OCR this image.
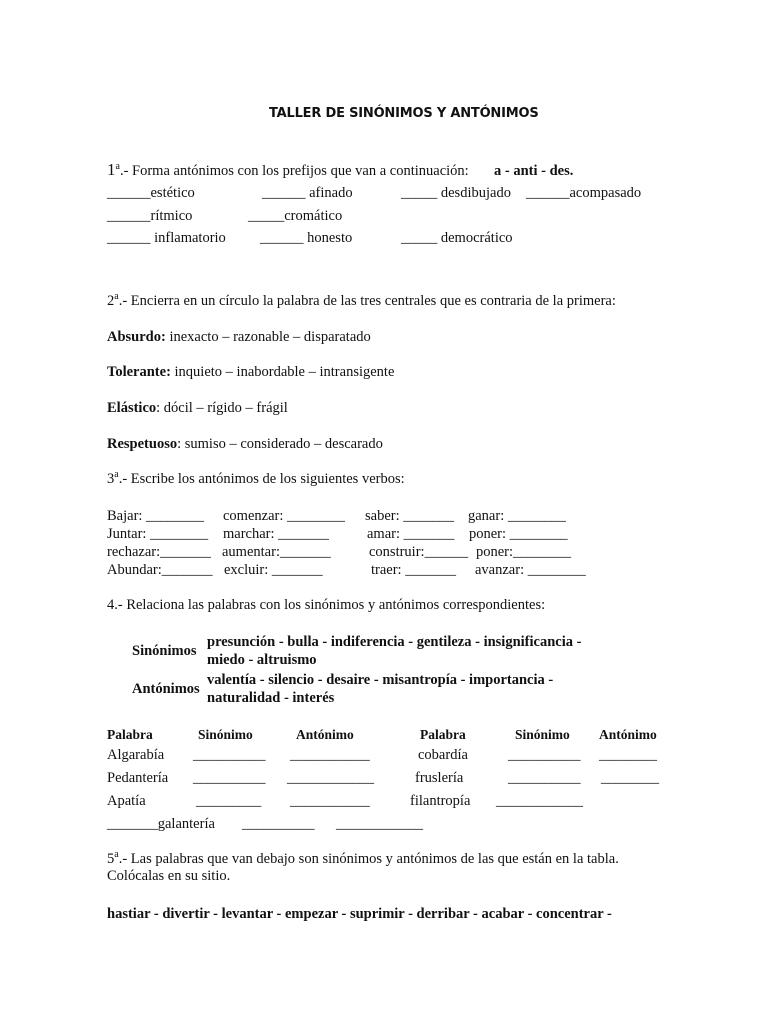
TALLER DE SINÓNIMOS Y ANTÓNIMOS
1$^a$.- Forma antónimos con los prefijos que van a continuación: a - anti - des.
______estético	______ afinado	_____ desdibujado ______acompasado
______rítmico	_____cromático
______ inflamatorio ______ honesto	_____ democrático
2$^a$.- Encierra en un círculo la palabra de las tres centrales que es contraria de la primera:
Absurdo: inexacto – razonable – disparatado
Tolerante: inquieto – inabordable – intransigente
Elástico: dócil – rígido – frágil
Respetuoso: sumiso – considerado – descarado
3$^a$.- Escribe los antónimos de los siguientes verbos:
Bajar: ________ comenzar: ________ saber: _______ ganar: ________
Juntar: ________ marchar: _______	amar: _______ poner: ________
rechazar:_______ aumentar:_______	construir:______ poner:________
Abundar:_______ excluir: _______	traer: _______ avanzar: ________
4.- Relaciona las palabras con los sinónimos y antónimos correspondientes:
Sinónimos
presunción - bulla - indiferencia - gentileza - insignificancia - miedo - altruismo
Antónimos
valentía - silencio - desaire - misantropía - importancia - naturalidad - interés
Palabra	Sinónimo	Antónimo	Palabra	Sinónimo Antónimo
Algarabía __________ ___________	cobardía	__________ ________
Pedantería __________ ____________	fruslería	__________ ________
Apatía	_________ ___________	filantropía ____________
_______galantería __________ ____________
5$^a$.- Las palabras que van debajo son sinónimos y antónimos de las que están en la tabla.
Colócalas en su sitio.
hastiar - divertir - levantar - empezar - suprimir - derribar - acabar - concentrar -
